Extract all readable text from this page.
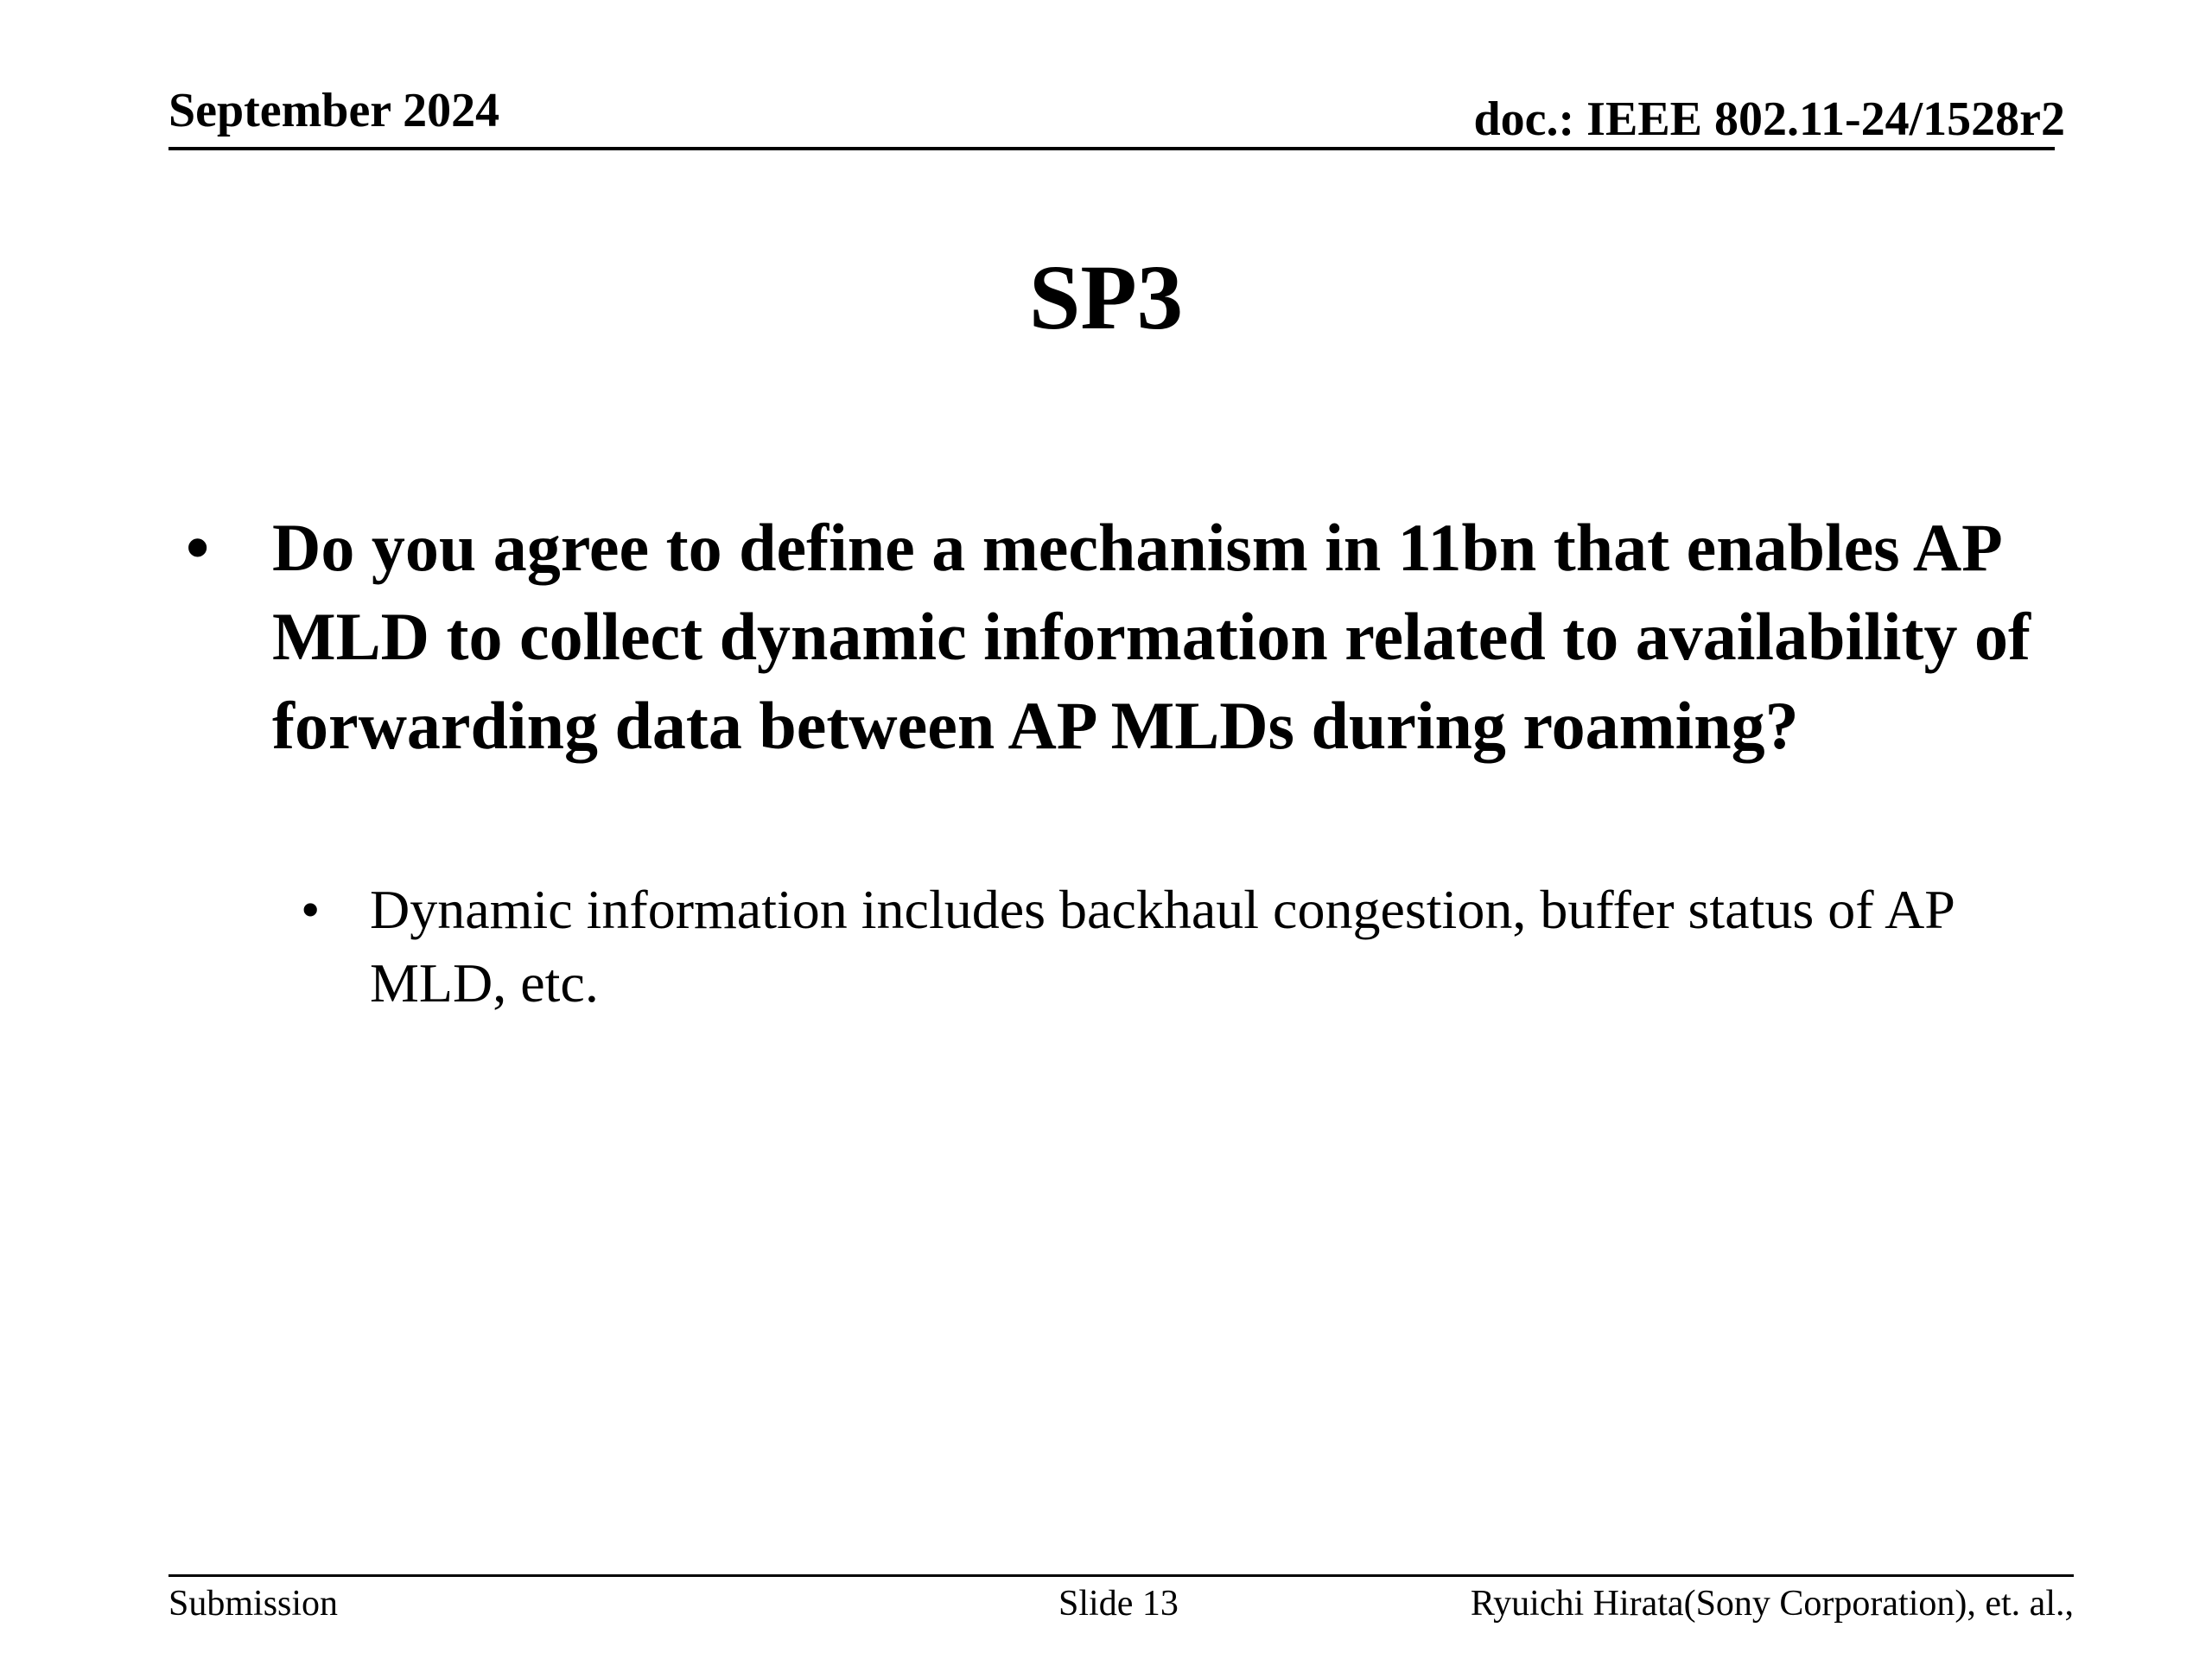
September 2024	doc.: IEEE 802.11-24/1528r2
SP3
• Do you agree to define a mechanism in 11bn that enables AP MLD to collect dynamic information related to availability of forwarding data between AP MLDs during roaming?
• Dynamic information includes backhaul congestion, buffer status of AP MLD, etc.
Submission	Slide 13	Ryuichi Hirata(Sony Corporation), et. al.,
